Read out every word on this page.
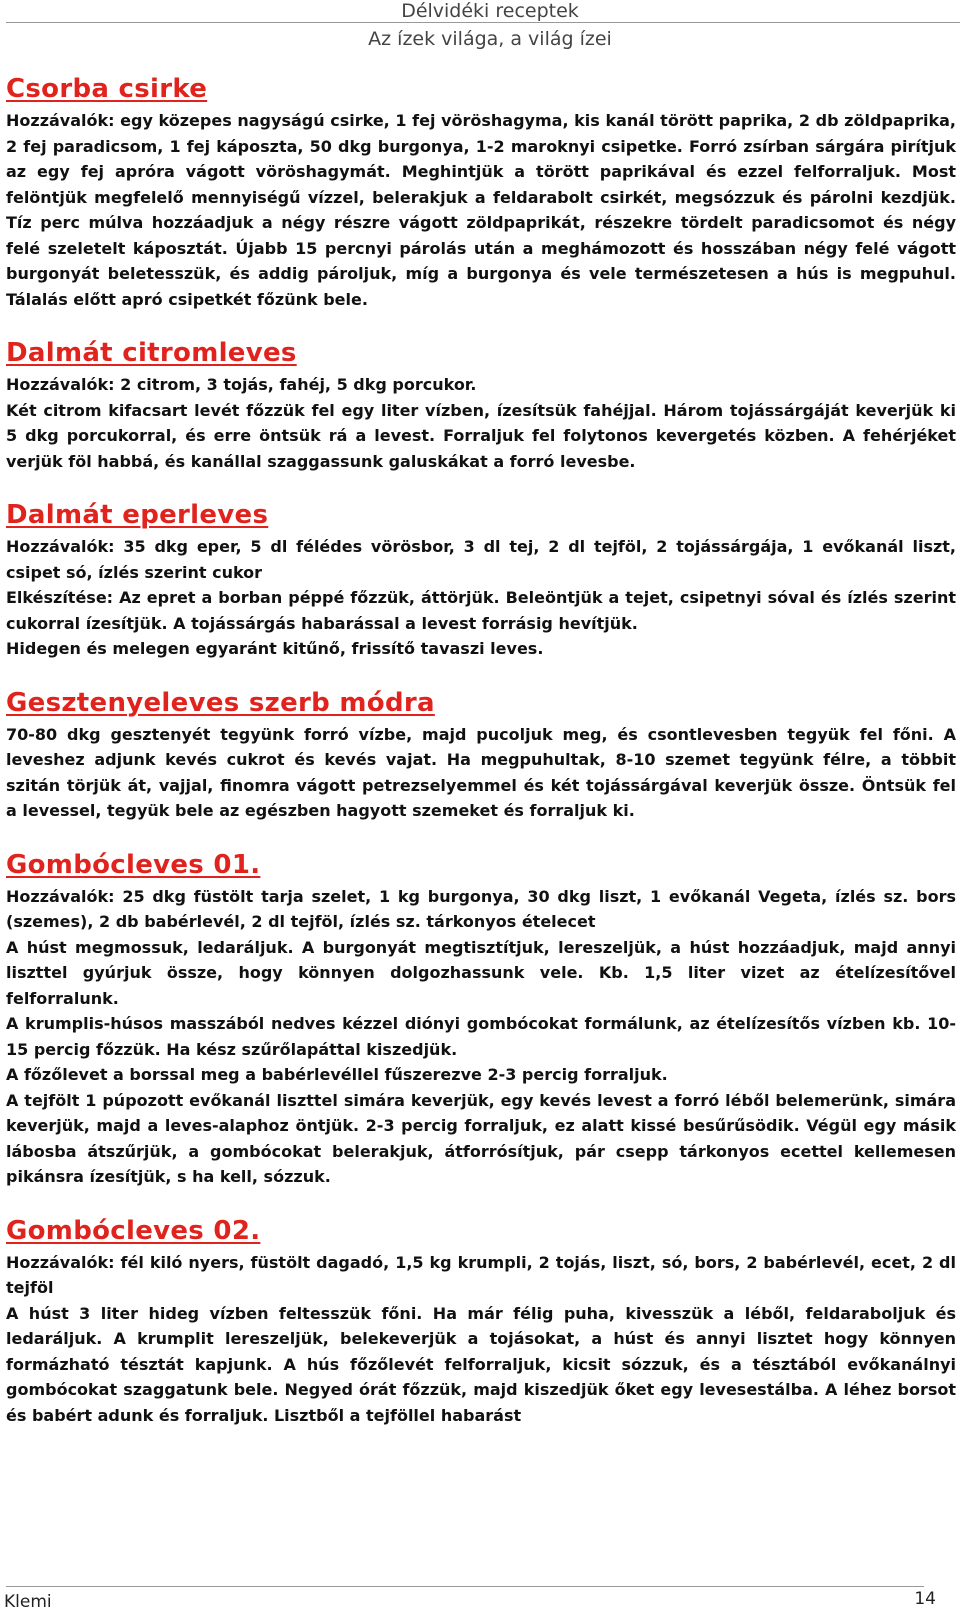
Délvidéki receptek
Az ízek világa, a világ ízei
Csorba csirke

Hozzávalók: egy közepes nagyságú csirke, 1 fej vöröshagyma, kis kanál törött paprika, 2 db zöldpaprika, 2 fej paradicsom, 1 fej káposzta, 50 dkg burgonya, 1-2 maroknyi csipetke. Forró zsírban sárgára pirítjuk az egy fej apróra vágott vöröshagymát. Meghintjük a törött paprikával és ezzel felforraljuk. Most felöntjük megfelelő mennyiségű vízzel, belerakjuk a feldarabolt csirkét, megsózzuk és párolni kezdjük. Tíz perc múlva hozzáadjuk a négy részre vágott zöldpaprikát, részekre tördelt paradicsomot és négy felé szeletelt káposztát. Újabb 15 percnyi párolás után a meghámozott és hosszában négy felé vágott burgonyát beletesszük, és addig pároljuk, míg a burgonya és vele természetesen a hús is megpuhul. Tálalás előtt apró csipetkét főzünk bele.

Dalmát citromleves

Hozzávalók: 2 citrom, 3 tojás, fahéj, 5 dkg porcukor.

Két citrom kifacsart levét főzzük fel egy liter vízben, ízesítsük fahéjjal. Három tojássárgáját keverjük ki 5 dkg porcukorral, és erre öntsük rá a levest. Forraljuk fel folytonos kevergetés közben. A fehérjéket verjük föl habbá, és kanállal szaggassunk galuskákat a forró levesbe.

Dalmát eperleves

Hozzávalók: 35 dkg eper, 5 dl félédes vörösbor, 3 dl tej, 2 dl tejföl, 2 tojássárgája, 1 evőkanál liszt, csipet só, ízlés szerint cukor

Elkészítése: Az epret a borban péppé főzzük, áttörjük. Beleöntjük a tejet, csipetnyi sóval és ízlés szerint cukorral ízesítjük. A tojássárgás habarással a levest forrásig hevítjük.

Hidegen és melegen egyaránt kitűnő, frissítő tavaszi leves.

Gesztenyeleves szerb módra

70-80 dkg gesztenyét tegyünk forró vízbe, majd pucoljuk meg, és csontlevesben tegyük fel főni. A leveshez adjunk kevés cukrot és kevés vajat. Ha megpuhultak, 8-10 szemet tegyünk félre, a többit szitán törjük át, vajjal, finomra vágott petrezselyemmel és két tojássárgával keverjük össze. Öntsük fel a levessel, tegyük bele az egészben hagyott szemeket és forraljuk ki.

Gombócleves 01.

Hozzávalók: 25 dkg füstölt tarja szelet, 1 kg burgonya, 30 dkg liszt, 1 evőkanál Vegeta, ízlés sz. bors (szemes), 2 db babérlevél, 2 dl tejföl, ízlés sz. tárkonyos ételecet

A húst megmossuk, ledaráljuk. A burgonyát megtisztítjuk, lereszeljük, a húst hozzáadjuk, majd annyi liszttel gyúrjuk össze, hogy könnyen dolgozhassunk vele. Kb. 1,5 liter vizet az ételízesítővel felforralunk.

A krumplis-húsos masszából nedves kézzel diónyi gombócokat formálunk, az ételízesítős vízben kb. 10-15 percig főzzük. Ha kész szűrőlapáttal kiszedjük.

A főzőlevet a borssal meg a babérlevéllel fűszerezve 2-3 percig forraljuk.

A tejfölt 1 púpozott evőkanál liszttel simára keverjük, egy kevés levest a forró léből belemerünk, simára keverjük, majd a leves-alaphoz öntjük. 2-3 percig forraljuk, ez alatt kissé besűrűsödik. Végül egy másik lábosba átszűrjük, a gombócokat belerakjuk, átforrósítjuk, pár csepp tárkonyos ecettel kellemesen pikánsra ízesítjük, s ha kell, sózzuk.

Gombócleves 02.

Hozzávalók: fél kiló nyers, füstölt dagadó, 1,5 kg krumpli, 2 tojás, liszt, só, bors, 2 babérlevél, ecet, 2 dl tejföl

A húst 3 liter hideg vízben feltesszük főni. Ha már félig puha, kivesszük a léből, feldaraboljuk és ledaráljuk. A krumplit lereszeljük, belekeverjük a tojásokat, a húst és annyi lisztet hogy könnyen formázható tésztát kapjunk. A hús főzőlevét felforraljuk, kicsit sózzuk, és a tésztából evőkanálnyi gombócokat szaggatunk bele. Negyed órát főzzük, majd kiszedjük őket egy levesestálba. A léhez borsot és babért adunk és forraljuk. Lisztből a tejföllel habarást

Klemi	14
